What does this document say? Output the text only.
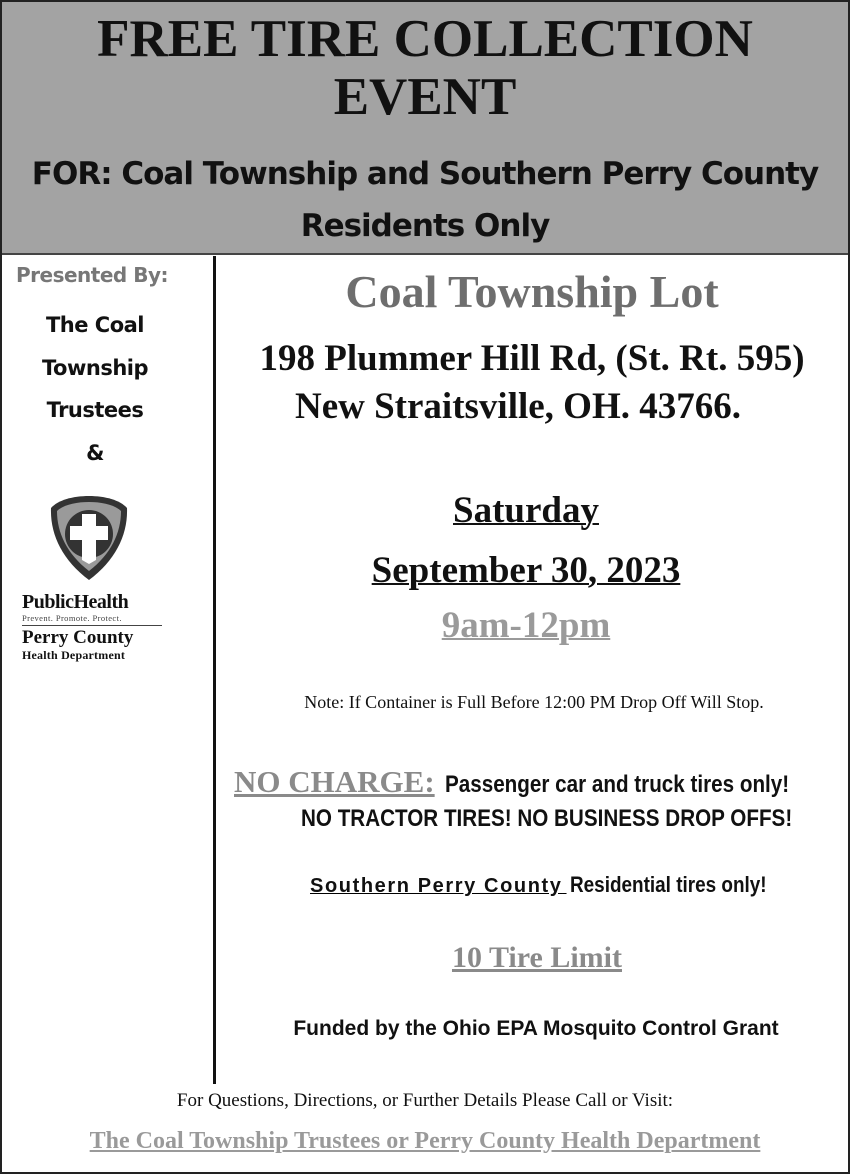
FREE TIRE COLLECTION
EVENT
FOR: Coal Township and Southern Perry County
Residents Only
Presented By:
The Coal
Township
Trustees
&
PublicHealth
Prevent. Promote. Protect.
Perry County
Health Department
Coal Township Lot
198 Plummer Hill Rd, (St. Rt. 595)
New Straitsville, OH. 43766.
Saturday
September 30, 2023
9am-12pm
Note: If Container is Full Before 12:00 PM Drop Off Will Stop.
NO CHARGE: Passenger car and truck tires only!
NO TRACTOR TIRES! NO BUSINESS DROP OFFS!
Southern Perry County Residential tires only!
10 Tire Limit
Funded by the Ohio EPA Mosquito Control Grant
For Questions, Directions, or Further Details Please Call or Visit:
The Coal Township Trustees or Perry County Health Department
